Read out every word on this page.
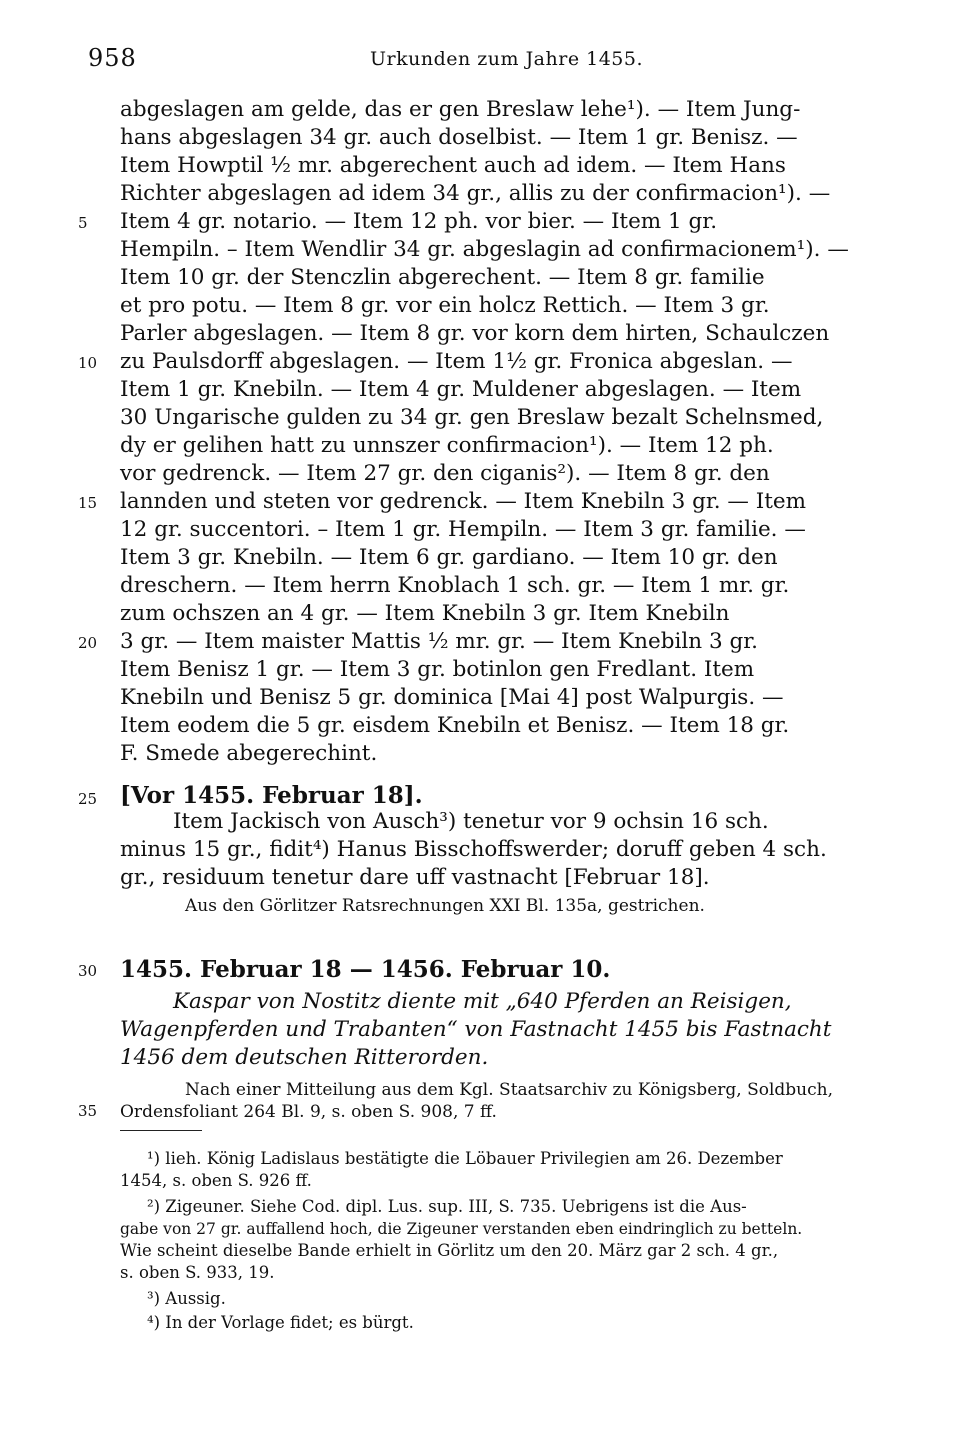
958	Urkunden zum Jahre 1455.
abgeslagen am gelde, das er gen Breslaw lehe¹). — Item Jung-
hans abgeslagen 34 gr. auch doselbist. — Item 1 gr. Benisz. —
Item Howptil ½ mr. abgerechent auch ad idem. — Item Hans
Richter abgeslagen ad idem 34 gr., allis zu der confirmacion¹). —
Item 4 gr. notario. — Item 12 ph. vor bier. — Item 1 gr.
Hempiln. – Item Wendlir 34 gr. abgeslagin ad confirmacionem¹). —
Item 10 gr. der Stenczlin abgerechent. — Item 8 gr. familie
et pro potu. — Item 8 gr. vor ein holcz Rettich. — Item 3 gr.
Parler abgeslagen. — Item 8 gr. vor korn dem hirten, Schaulczen
zu Paulsdorff abgeslagen. — Item 1½ gr. Fronica abgeslan. —
Item 1 gr. Knebiln. — Item 4 gr. Muldener abgeslagen. — Item
30 Ungarische gulden zu 34 gr. gen Breslaw bezalt Schelnsmed,
dy er gelihen hatt zu unnszer confirmacion¹). — Item 12 ph.
vor gedrenck. — Item 27 gr. den ciganis²). — Item 8 gr. den
lannden und steten vor gedrenck. — Item Knebiln 3 gr. — Item
12 gr. succentori. – Item 1 gr. Hempiln. — Item 3 gr. familie. —
Item 3 gr. Knebiln. — Item 6 gr. gardiano. — Item 10 gr. den
dreschern. — Item herrn Knoblach 1 sch. gr. — Item 1 mr. gr.
zum ochszen an 4 gr. — Item Knebiln 3 gr. Item Knebiln
3 gr. — Item maister Mattis ½ mr. gr. — Item Knebiln 3 gr.
Item Benisz 1 gr. — Item 3 gr. botinlon gen Fredlant. Item
Knebiln und Benisz 5 gr. dominica [Mai 4] post Walpurgis. —
Item eodem die 5 gr. eisdem Knebiln et Benisz. — Item 18 gr.
F. Smede abegerechint.
5
10
15
20
25
30
35
[Vor 1455. Februar 18].
Item Jackisch von Ausch³) tenetur vor 9 ochsin 16 sch.
minus 15 gr., fidit⁴) Hanus Bisschoffswerder; doruff geben 4 sch.
gr., residuum tenetur dare uff vastnacht [Februar 18].
Aus den Görlitzer Ratsrechnungen XXI Bl. 135a, gestrichen.
1455. Februar 18 — 1456. Februar 10.
Kaspar von Nostitz diente mit „640 Pferden an Reisigen,
Wagenpferden und Trabanten“ von Fastnacht 1455 bis Fastnacht
1456 dem deutschen Ritterorden.
Nach einer Mitteilung aus dem Kgl. Staatsarchiv zu Königsberg, Soldbuch,
Ordensfoliant 264 Bl. 9, s. oben S. 908, 7 ff.
¹) lieh. König Ladislaus bestätigte die Löbauer Privilegien am 26. Dezember
1454, s. oben S. 926 ff.
²) Zigeuner. Siehe Cod. dipl. Lus. sup. III, S. 735. Uebrigens ist die Aus-
gabe von 27 gr. auffallend hoch, die Zigeuner verstanden eben eindringlich zu betteln.
Wie scheint dieselbe Bande erhielt in Görlitz um den 20. März gar 2 sch. 4 gr.,
s. oben S. 933, 19.
³) Aussig.
⁴) In der Vorlage fidet; es bürgt.
